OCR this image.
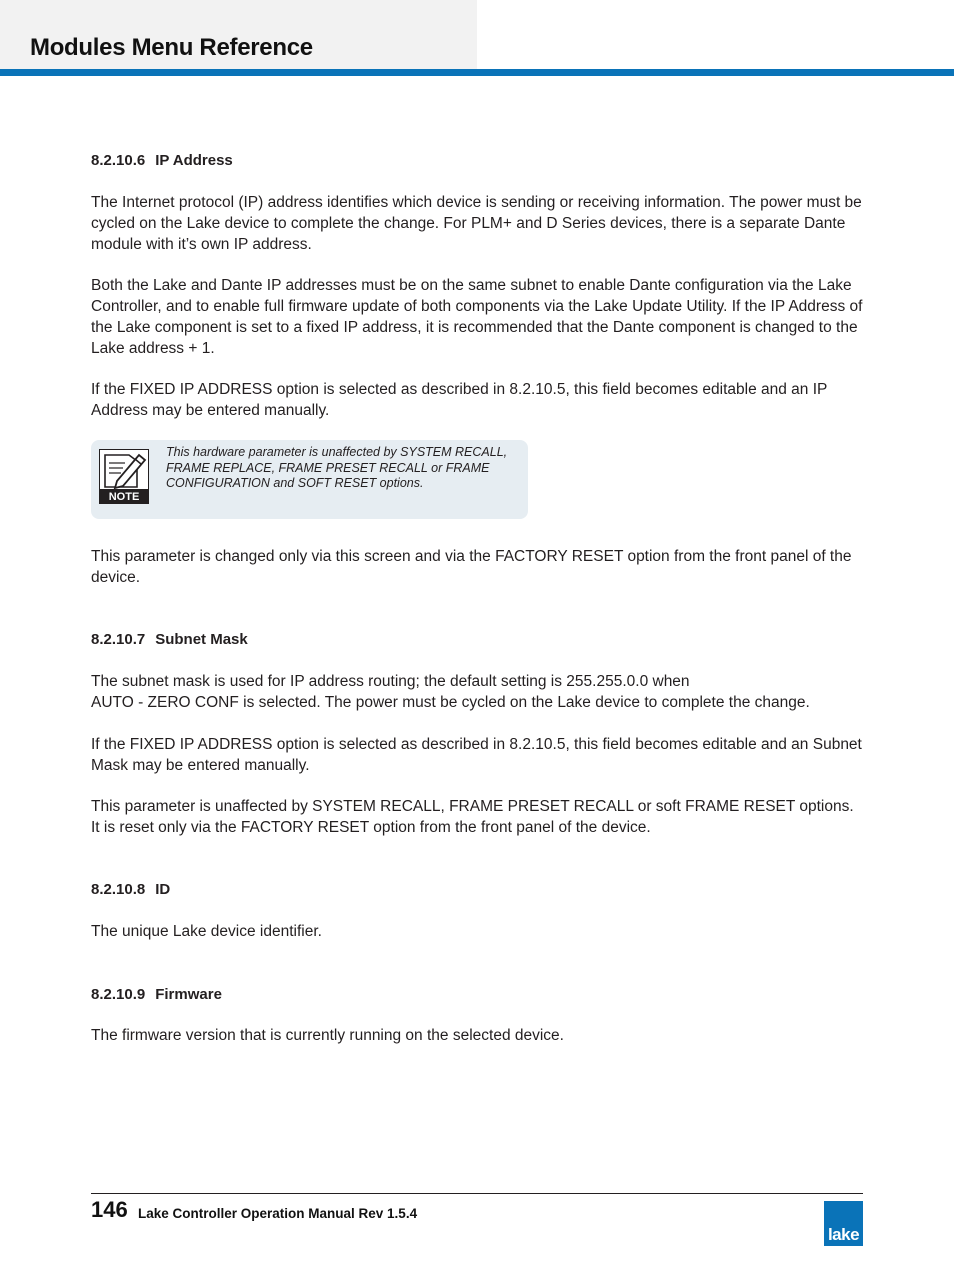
Modules Menu Reference
8.2.10.6 IP Address
The Internet protocol (IP) address identifies which device is sending or receiving information. The power must be cycled on the Lake device to complete the change. For PLM+ and D Series devices, there is a separate Dante module with it’s own IP address.
Both the Lake and Dante IP addresses must be on the same subnet to enable Dante configuration via the Lake Controller, and to enable full firmware update of both components via the Lake Update Utility. If the IP Address of the Lake component is set to a fixed IP address, it is recommended that the Dante component is changed to the Lake address + 1.
If the FIXED IP ADDRESS option is selected as described in 8.2.10.5, this field becomes editable and an IP Address may be entered manually.
NOTE
This hardware parameter is unaffected by SYSTEM RECALL, FRAME REPLACE, FRAME PRESET RECALL or FRAME CONFIGURATION and SOFT RESET options.
This parameter is changed only via this screen and via the FACTORY RESET option from the front panel of the device.
8.2.10.7 Subnet Mask
The subnet mask is used for IP address routing; the default setting is 255.255.0.0 when
AUTO - ZERO CONF is selected. The power must be cycled on the Lake device to complete the change.
If the FIXED IP ADDRESS option is selected as described in 8.2.10.5, this field becomes editable and an Subnet Mask may be entered manually.
This parameter is unaffected by SYSTEM RECALL, FRAME PRESET RECALL or soft FRAME RESET options. It is reset only via the FACTORY RESET option from the front panel of the device.
8.2.10.8 ID
The unique Lake device identifier.
8.2.10.9 Firmware
The firmware version that is currently running on the selected device.
146 Lake Controller Operation Manual Rev 1.5.4
lake
